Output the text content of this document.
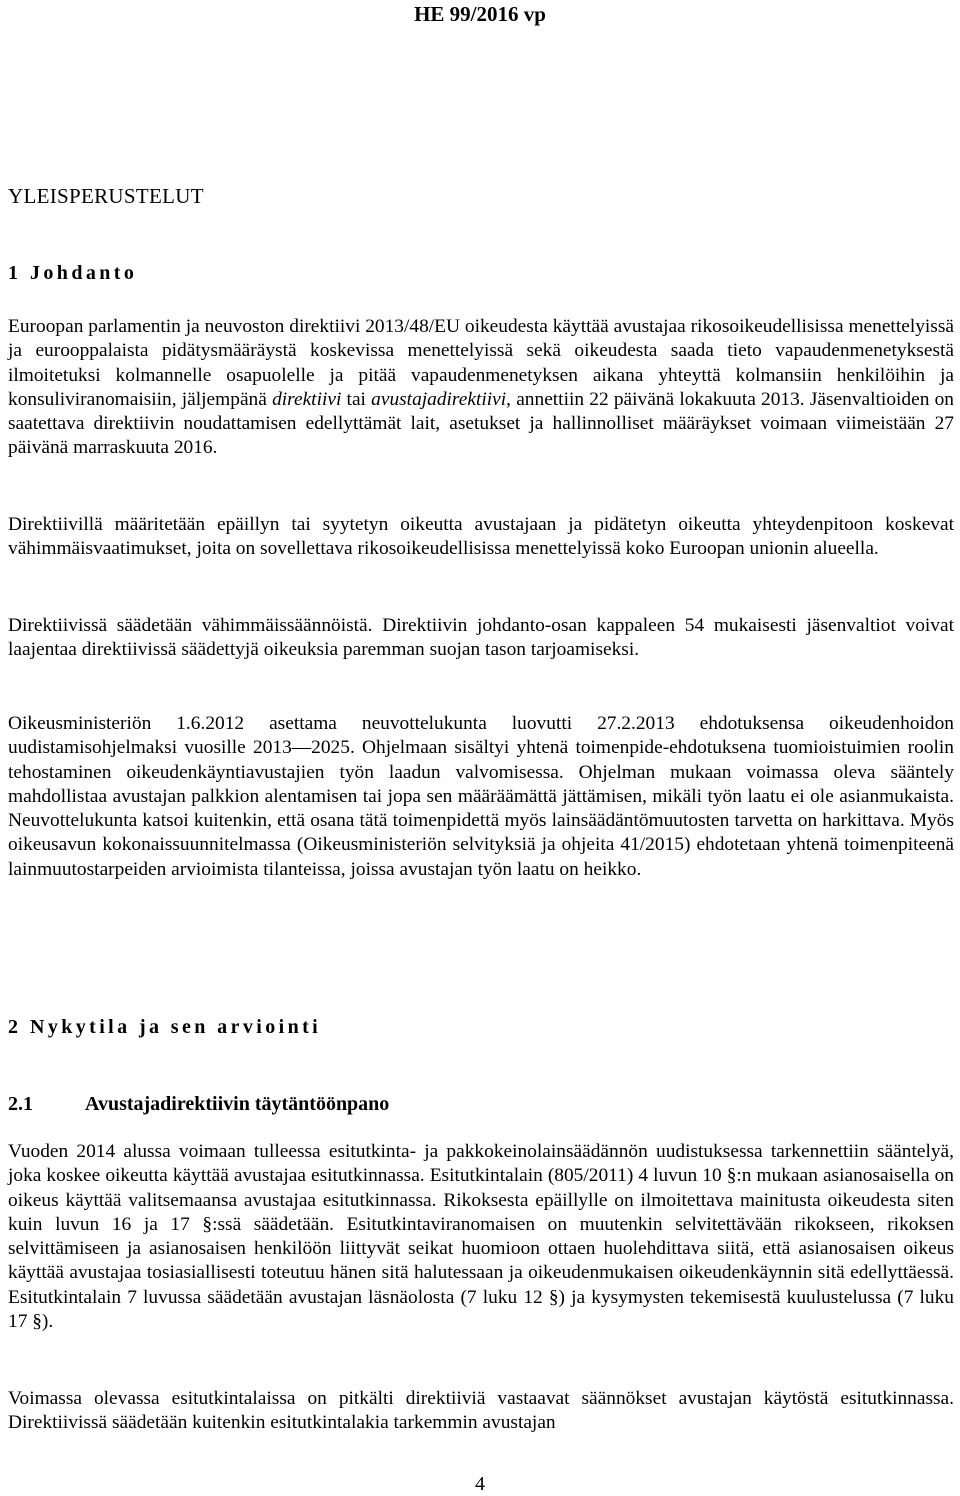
HE 99/2016 vp
YLEISPERUSTELUT
1 Johdanto

Euroopan parlamentin ja neuvoston direktiivi 2013/48/EU oikeudesta käyttää avustajaa rikosoikeudellisissa menettelyissä ja eurooppalaista pidätysmääräystä koskevissa menettelyissä sekä oikeudesta saada tieto vapaudenmenetyksestä ilmoitetuksi kolmannelle osapuolelle ja pitää vapaudenmenetyksen aikana yhteyttä kolmansiin henkilöihin ja konsuliviranomaisiin, jäljempänä direktiivi tai avustajadirektiivi, annettiin 22 päivänä lokakuuta 2013. Jäsenvaltioiden on saatettava direktiivin noudattamisen edellyttämät lait, asetukset ja hallinnolliset määräykset voimaan viimeistään 27 päivänä marraskuuta 2016.

Direktiivillä määritetään epäillyn tai syytetyn oikeutta avustajaan ja pidätetyn oikeutta yhteydenpitoon koskevat vähimmäisvaatimukset, joita on sovellettava rikosoikeudellisissa menettelyissä koko Euroopan unionin alueella.

Direktiivissä säädetään vähimmäissäännöistä. Direktiivin johdanto-osan kappaleen 54 mukaisesti jäsenvaltiot voivat laajentaa direktiivissä säädettyjä oikeuksia paremman suojan tason tarjoamiseksi.

Oikeusministeriön 1.6.2012 asettama neuvottelukunta luovutti 27.2.2013 ehdotuksensa oikeudenhoidon uudistamisohjelmaksi vuosille 2013—2025. Ohjelmaan sisältyi yhtenä toimenpide-ehdotuksena tuomioistuimien roolin tehostaminen oikeudenkäyntiavustajien työn laadun valvomisessa. Ohjelman mukaan voimassa oleva sääntely mahdollistaa avustajan palkkion alentamisen tai jopa sen määräämättä jättämisen, mikäli työn laatu ei ole asianmukaista. Neuvottelukunta katsoi kuitenkin, että osana tätä toimenpidettä myös lainsäädäntömuutosten tarvetta on harkittava. Myös oikeusavun kokonaissuunnitelmassa (Oikeusministeriön selvityksiä ja ohjeita 41/2015) ehdotetaan yhtenä toimenpiteenä lainmuutostarpeiden arvioimista tilanteissa, joissa avustajan työn laatu on heikko.

2 Nykytila ja sen arviointi
2.1	Avustajadirektiivin täytäntöönpano

Vuoden 2014 alussa voimaan tulleessa esitutkinta- ja pakkokeinolainsäädännön uudistuksessa tarkennettiin sääntelyä, joka koskee oikeutta käyttää avustajaa esitutkinnassa. Esitutkintalain (805/2011) 4 luvun 10 §:n mukaan asianosaisella on oikeus käyttää valitsemaansa avustajaa esitutkinnassa. Rikoksesta epäillylle on ilmoitettava mainitusta oikeudesta siten kuin luvun 16 ja 17 §:ssä säädetään. Esitutkintaviranomaisen on muutenkin selvitettävään rikokseen, rikoksen selvittämiseen ja asianosaisen henkilöön liittyvät seikat huomioon ottaen huolehdittava siitä, että asianosaisen oikeus käyttää avustajaa tosiasiallisesti toteutuu hänen sitä halutessaan ja oikeudenmukaisen oikeudenkäynnin sitä edellyttäessä. Esitutkintalain 7 luvussa säädetään avustajan läsnäolosta (7 luku 12 §) ja kysymysten tekemisestä kuulustelussa (7 luku 17 §).

Voimassa olevassa esitutkintalaissa on pitkälti direktiiviä vastaavat säännökset avustajan käytöstä esitutkinnassa. Direktiivissä säädetään kuitenkin esitutkintalakia tarkemmin avustajan

4
